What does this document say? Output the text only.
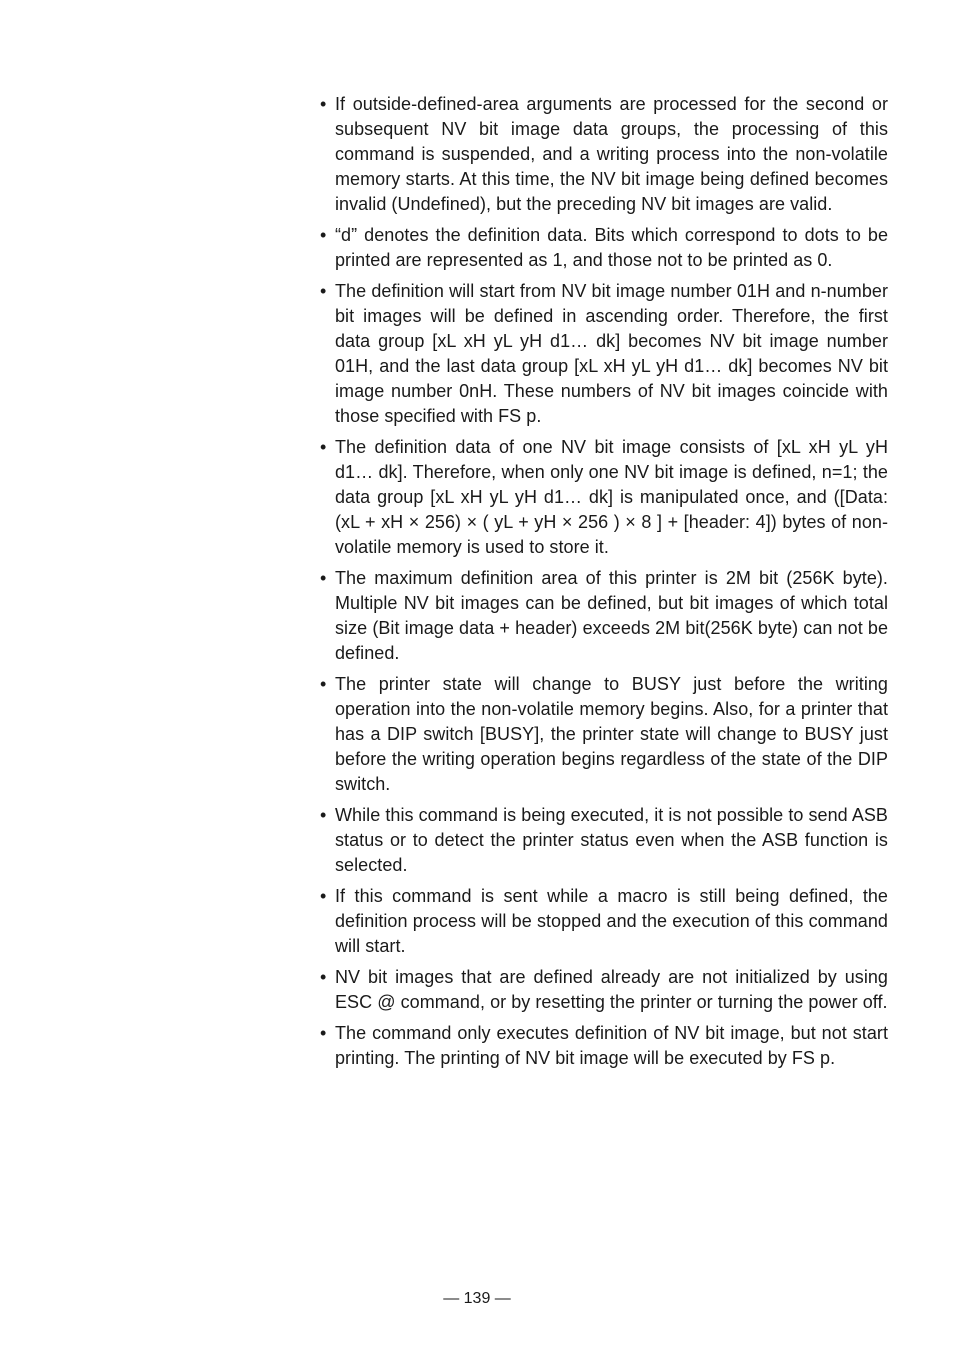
• If outside-defined-area arguments are processed for the second or subsequent NV bit image data groups, the processing of this command is suspended, and a writing process into the non-volatile memory starts. At this time, the NV bit image being defined becomes invalid (Undefined), but the preceding NV bit images are valid.
• “d” denotes the definition data. Bits which correspond to dots to be printed are represented as 1, and those not to be printed as 0.
• The definition will start from NV bit image number 01H and n-number bit images will be defined in ascending order. Therefore, the first data group [xL xH yL yH d1… dk] becomes NV bit image number 01H, and the last data group [xL xH yL yH d1… dk] becomes NV bit image number 0nH. These numbers of NV bit images coincide with those specified with FS p.
• The definition data of one NV bit image consists of [xL xH yL yH d1… dk]. Therefore, when only one NV bit image is defined, n=1; the data group [xL xH yL yH d1… dk] is manipulated once, and ([Data: (xL + xH × 256) × ( yL + yH × 256 ) × 8 ] + [header: 4]) bytes of non-volatile memory is used to store it.
• The maximum definition area of this printer is 2M bit (256K byte). Multiple NV bit images can be defined, but bit images of which total size (Bit image data + header) exceeds 2M bit(256K byte) can not be defined.
• The printer state will change to BUSY just before the writing operation into the non-volatile memory begins. Also, for a printer that has a DIP switch [BUSY], the printer state will change to BUSY just before the writing operation begins regardless of the state of the DIP switch.
• While this command is being executed, it is not possible to send ASB status or to detect the printer status even when the ASB function is selected.
• If this command is sent while a macro is still being defined, the definition process will be stopped and the execution of this command will start.
• NV bit images that are defined already are not initialized by using ESC @ command, or by resetting the printer or turning the power off.
• The command only executes definition of NV bit image, but not start printing. The printing of NV bit image will be executed by FS p.
— 139 —
